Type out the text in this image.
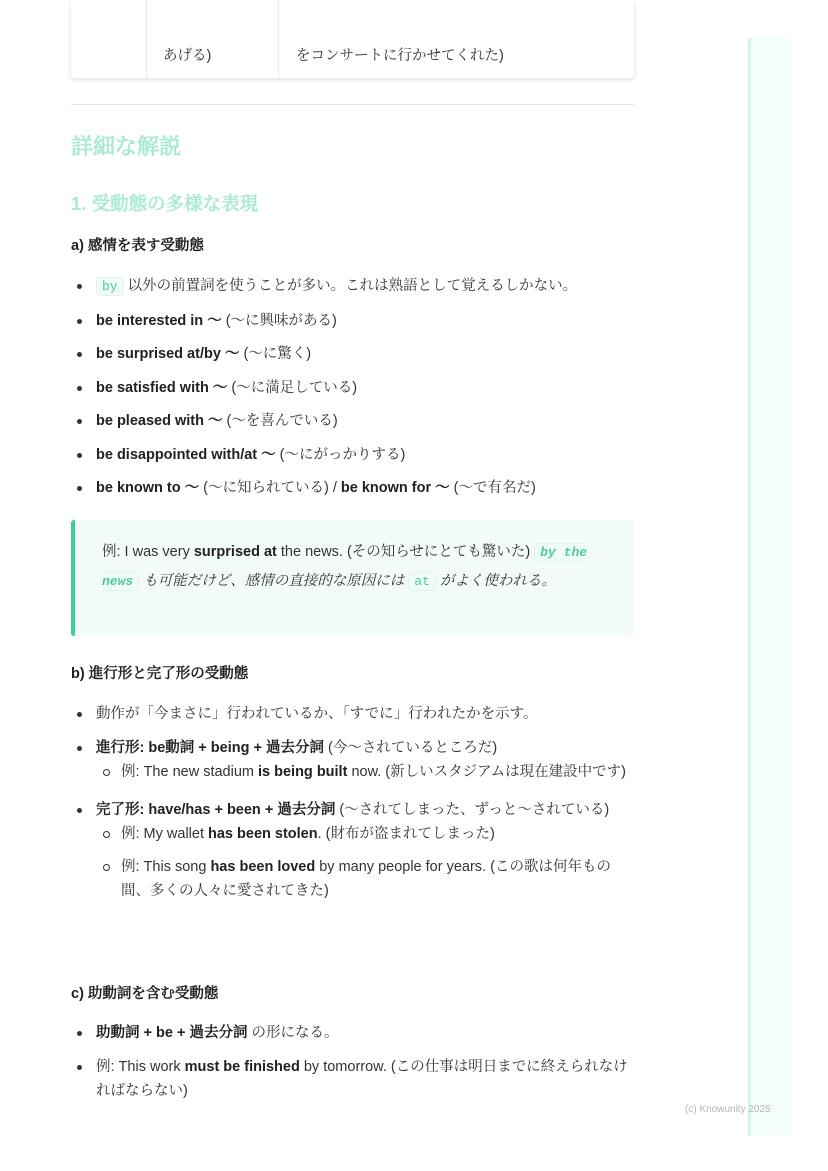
あげる)	をコンサートに行かせてくれた)
詳細な解説
1. 受動態の多様な表現
a) 感情を表す受動態
by 以外の前置詞を使うことが多い。これは熟語として覚えるしかない。
be interested in 〜 (〜に興味がある)
be surprised at/by 〜 (〜に驚く)
be satisfied with 〜 (〜に満足している)
be pleased with 〜 (〜を喜んでいる)
be disappointed with/at 〜 (〜にがっかりする)
be known to 〜 (〜に知られている) / be known for 〜 (〜で有名だ)
例: I was very surprised at the news. (その知らせにとても驚いた) by the news も可能だけど、感情の直接的な原因には at がよく使われる。
b) 進行形と完了形の受動態
動作が「今まさに」行われているか、「すでに」行われたかを示す。
進行形: be動詞 + being + 過去分詞 (今〜されているところだ)
例: The new stadium is being built now. (新しいスタジアムは現在建設中です)
完了形: have/has + been + 過去分詞 (〜されてしまった、ずっと〜されている)
例: My wallet has been stolen. (財布が盗まれてしまった)
例: This song has been loved by many people for years. (この歌は何年もの間、多くの人々に愛されてきた)
c) 助動詞を含む受動態
助動詞 + be + 過去分詞 の形になる。
例: This work must be finished by tomorrow. (この仕事は明日までに終えられなければならない)
(c) Knowunity 2025
